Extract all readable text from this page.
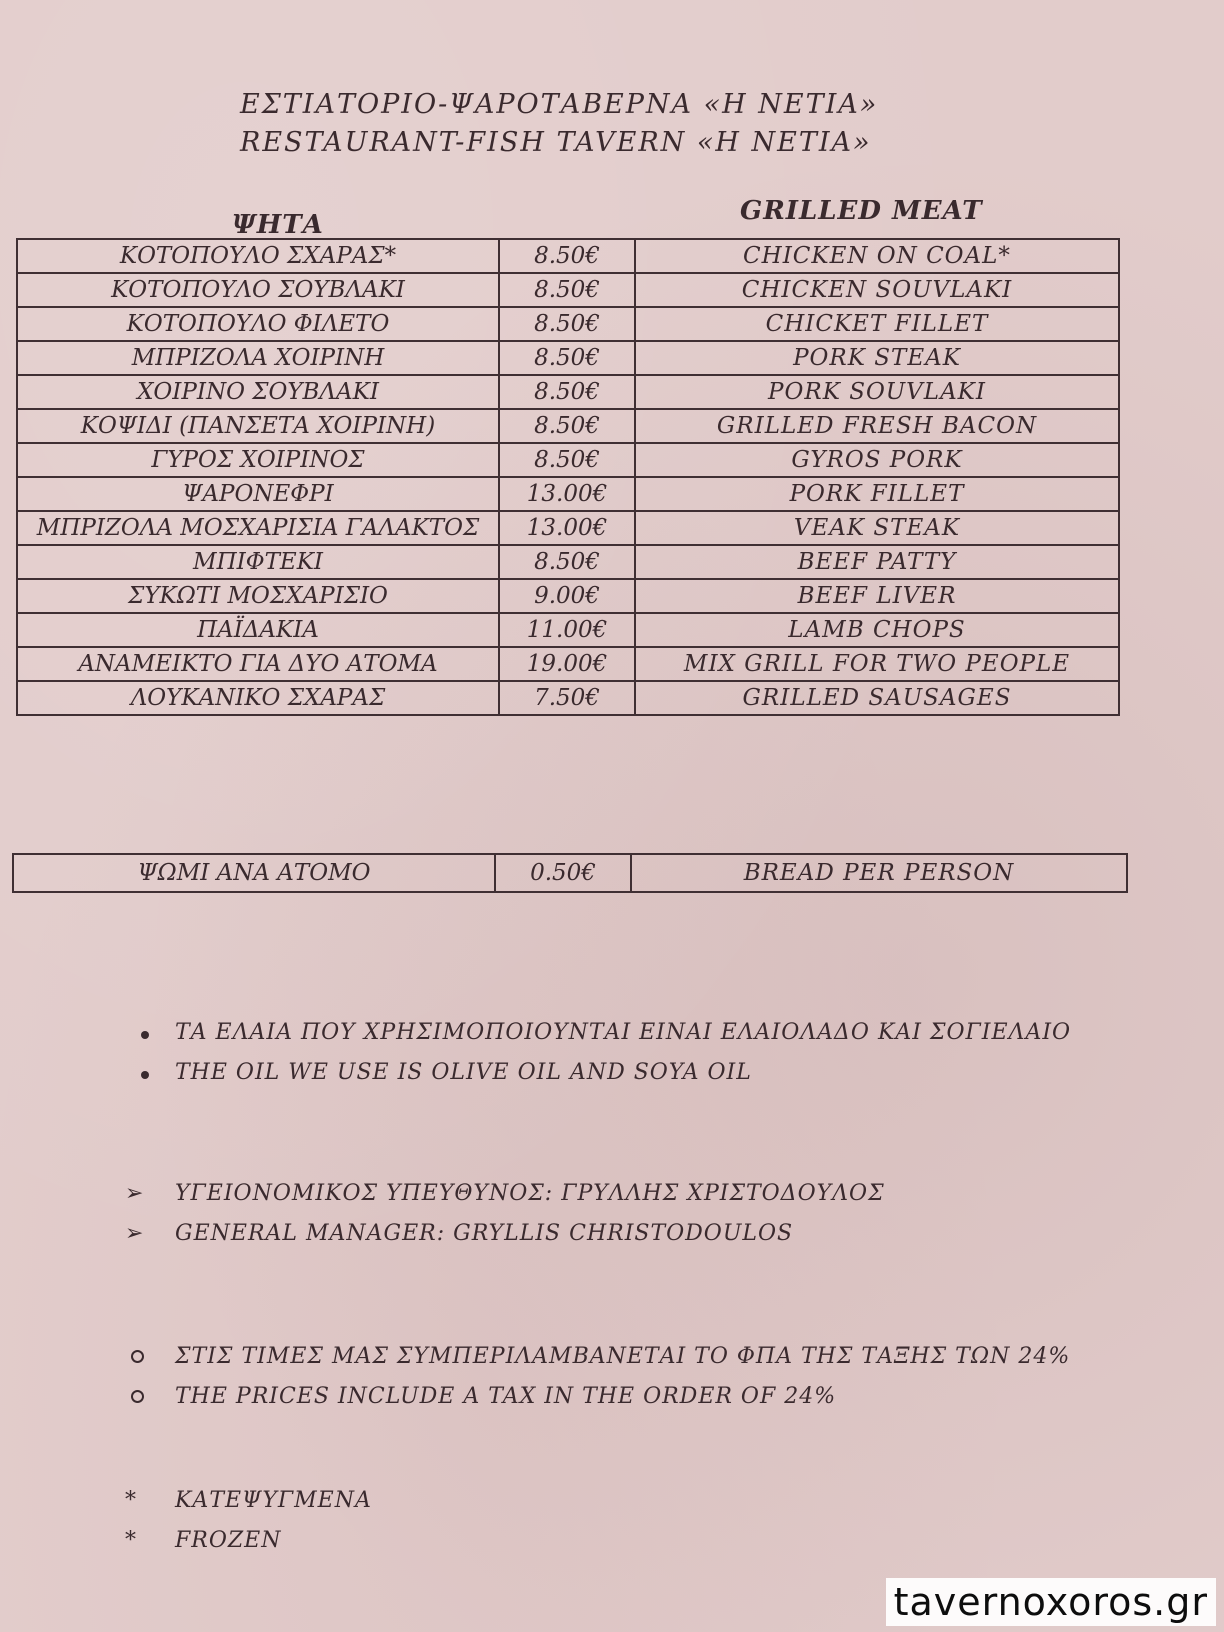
ΕΣΤΙΑΤΟΡΙΟ-ΨΑΡΟΤΑΒΕΡΝΑ «Η ΝΕΤΙΑ»
RESTAURANT-FISH TAVERN «Η ΝΕΤΙΑ»
ΨΗΤΑ	GRILLED MEAT
ΚΟΤΟΠΟΥΛΟ ΣΧΑΡΑΣ*	8.50€	CHICKEN ON COAL*
ΚΟΤΟΠΟΥΛΟ ΣΟΥΒΛΑΚΙ	8.50€	CHICKEN SOUVLAKI
ΚΟΤΟΠΟΥΛΟ ΦΙΛΕΤΟ	8.50€	CHICKET FILLET
ΜΠΡΙΖΟΛΑ ΧΟΙΡΙΝΗ	8.50€	PORK STEAK
ΧΟΙΡΙΝΟ ΣΟΥΒΛΑΚΙ	8.50€	PORK SOUVLAKI
ΚΟΨΙΔΙ (ΠΑΝΣΕΤΑ ΧΟΙΡΙΝΗ)	8.50€	GRILLED FRESH BACON
ΓΥΡΟΣ ΧΟΙΡΙΝΟΣ	8.50€	GYROS PORK
ΨΑΡΟΝΕΦΡΙ	13.00€	PORK FILLET
ΜΠΡΙΖΟΛΑ ΜΟΣΧΑΡΙΣΙΑ ΓΑΛΑΚΤΟΣ	13.00€	VEAK STEAK
ΜΠΙΦΤΕΚΙ	8.50€	BEEF PATTY
ΣΥΚΩΤΙ ΜΟΣΧΑΡΙΣΙΟ	9.00€	BEEF LIVER
ΠΑΪΔΑΚΙΑ	11.00€	LAMB CHOPS
ΑΝΑΜΕΙΚΤΟ ΓΙΑ ΔΥΟ ΑΤΟΜΑ	19.00€	MIX GRILL FOR TWO PEOPLE
ΛΟΥΚΑΝΙΚΟ ΣΧΑΡΑΣ	7.50€	GRILLED SAUSAGES
ΨΩΜΙ ΑΝΑ ΑΤΟΜΟ	0.50€	BREAD PER PERSON
ΤΑ ΕΛΑΙΑ ΠΟΥ ΧΡΗΣΙΜΟΠΟΙΟΥΝΤΑΙ ΕΙΝΑΙ ΕΛΑΙΟΛΑΔΟ ΚΑΙ ΣΟΓΙΕΛΑΙΟ
THE OIL WE USE IS OLIVE OIL AND SOYA OIL
➢	ΥΓΕΙΟΝΟΜΙΚΟΣ ΥΠΕΥΘΥΝΟΣ: ΓΡΥΛΛΗΣ ΧΡΙΣΤΟΔΟΥΛΟΣ
➢	GENERAL MANAGER: GRYLLIS CHRISTODOULOS
ΣΤΙΣ ΤΙΜΕΣ ΜΑΣ ΣΥΜΠΕΡΙΛΑΜΒΑΝΕΤΑΙ ΤΟ ΦΠΑ ΤΗΣ ΤΑΞΗΣ ΤΩΝ 24%
THE PRICES INCLUDE A TAX IN THE ORDER OF 24%
*	ΚΑΤΕΨΥΓΜΕΝΑ
*	FROZEN
tavernoxoros.gr
